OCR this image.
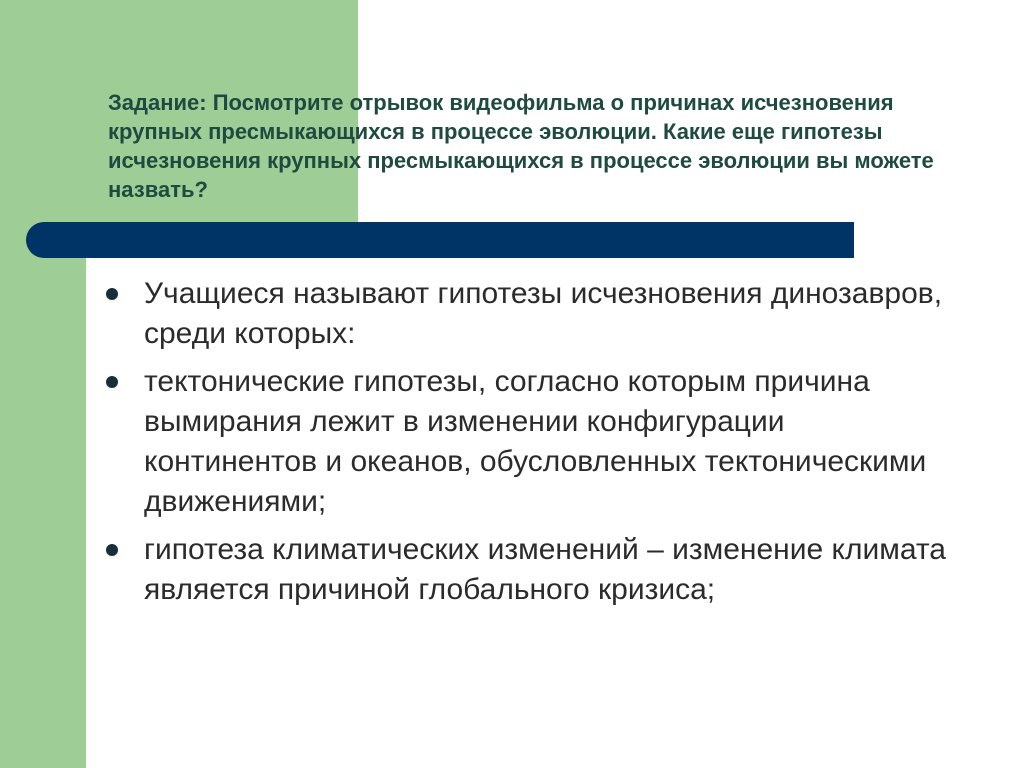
Задание: Посмотрите отрывок видеофильма о причинах исчезновения крупных пресмыкающихся в процессе эволюции. Какие еще гипотезы исчезновения крупных пресмыкающихся в процессе эволюции вы можете назвать?
Учащиеся называют гипотезы исчезновения динозавров, среди которых:
тектонические гипотезы, согласно которым причина вымирания лежит в изменении конфигурации континентов и океанов, обусловленных тектоническими движениями;
гипотеза климатических изменений – изменение климата является причиной глобального кризиса;
